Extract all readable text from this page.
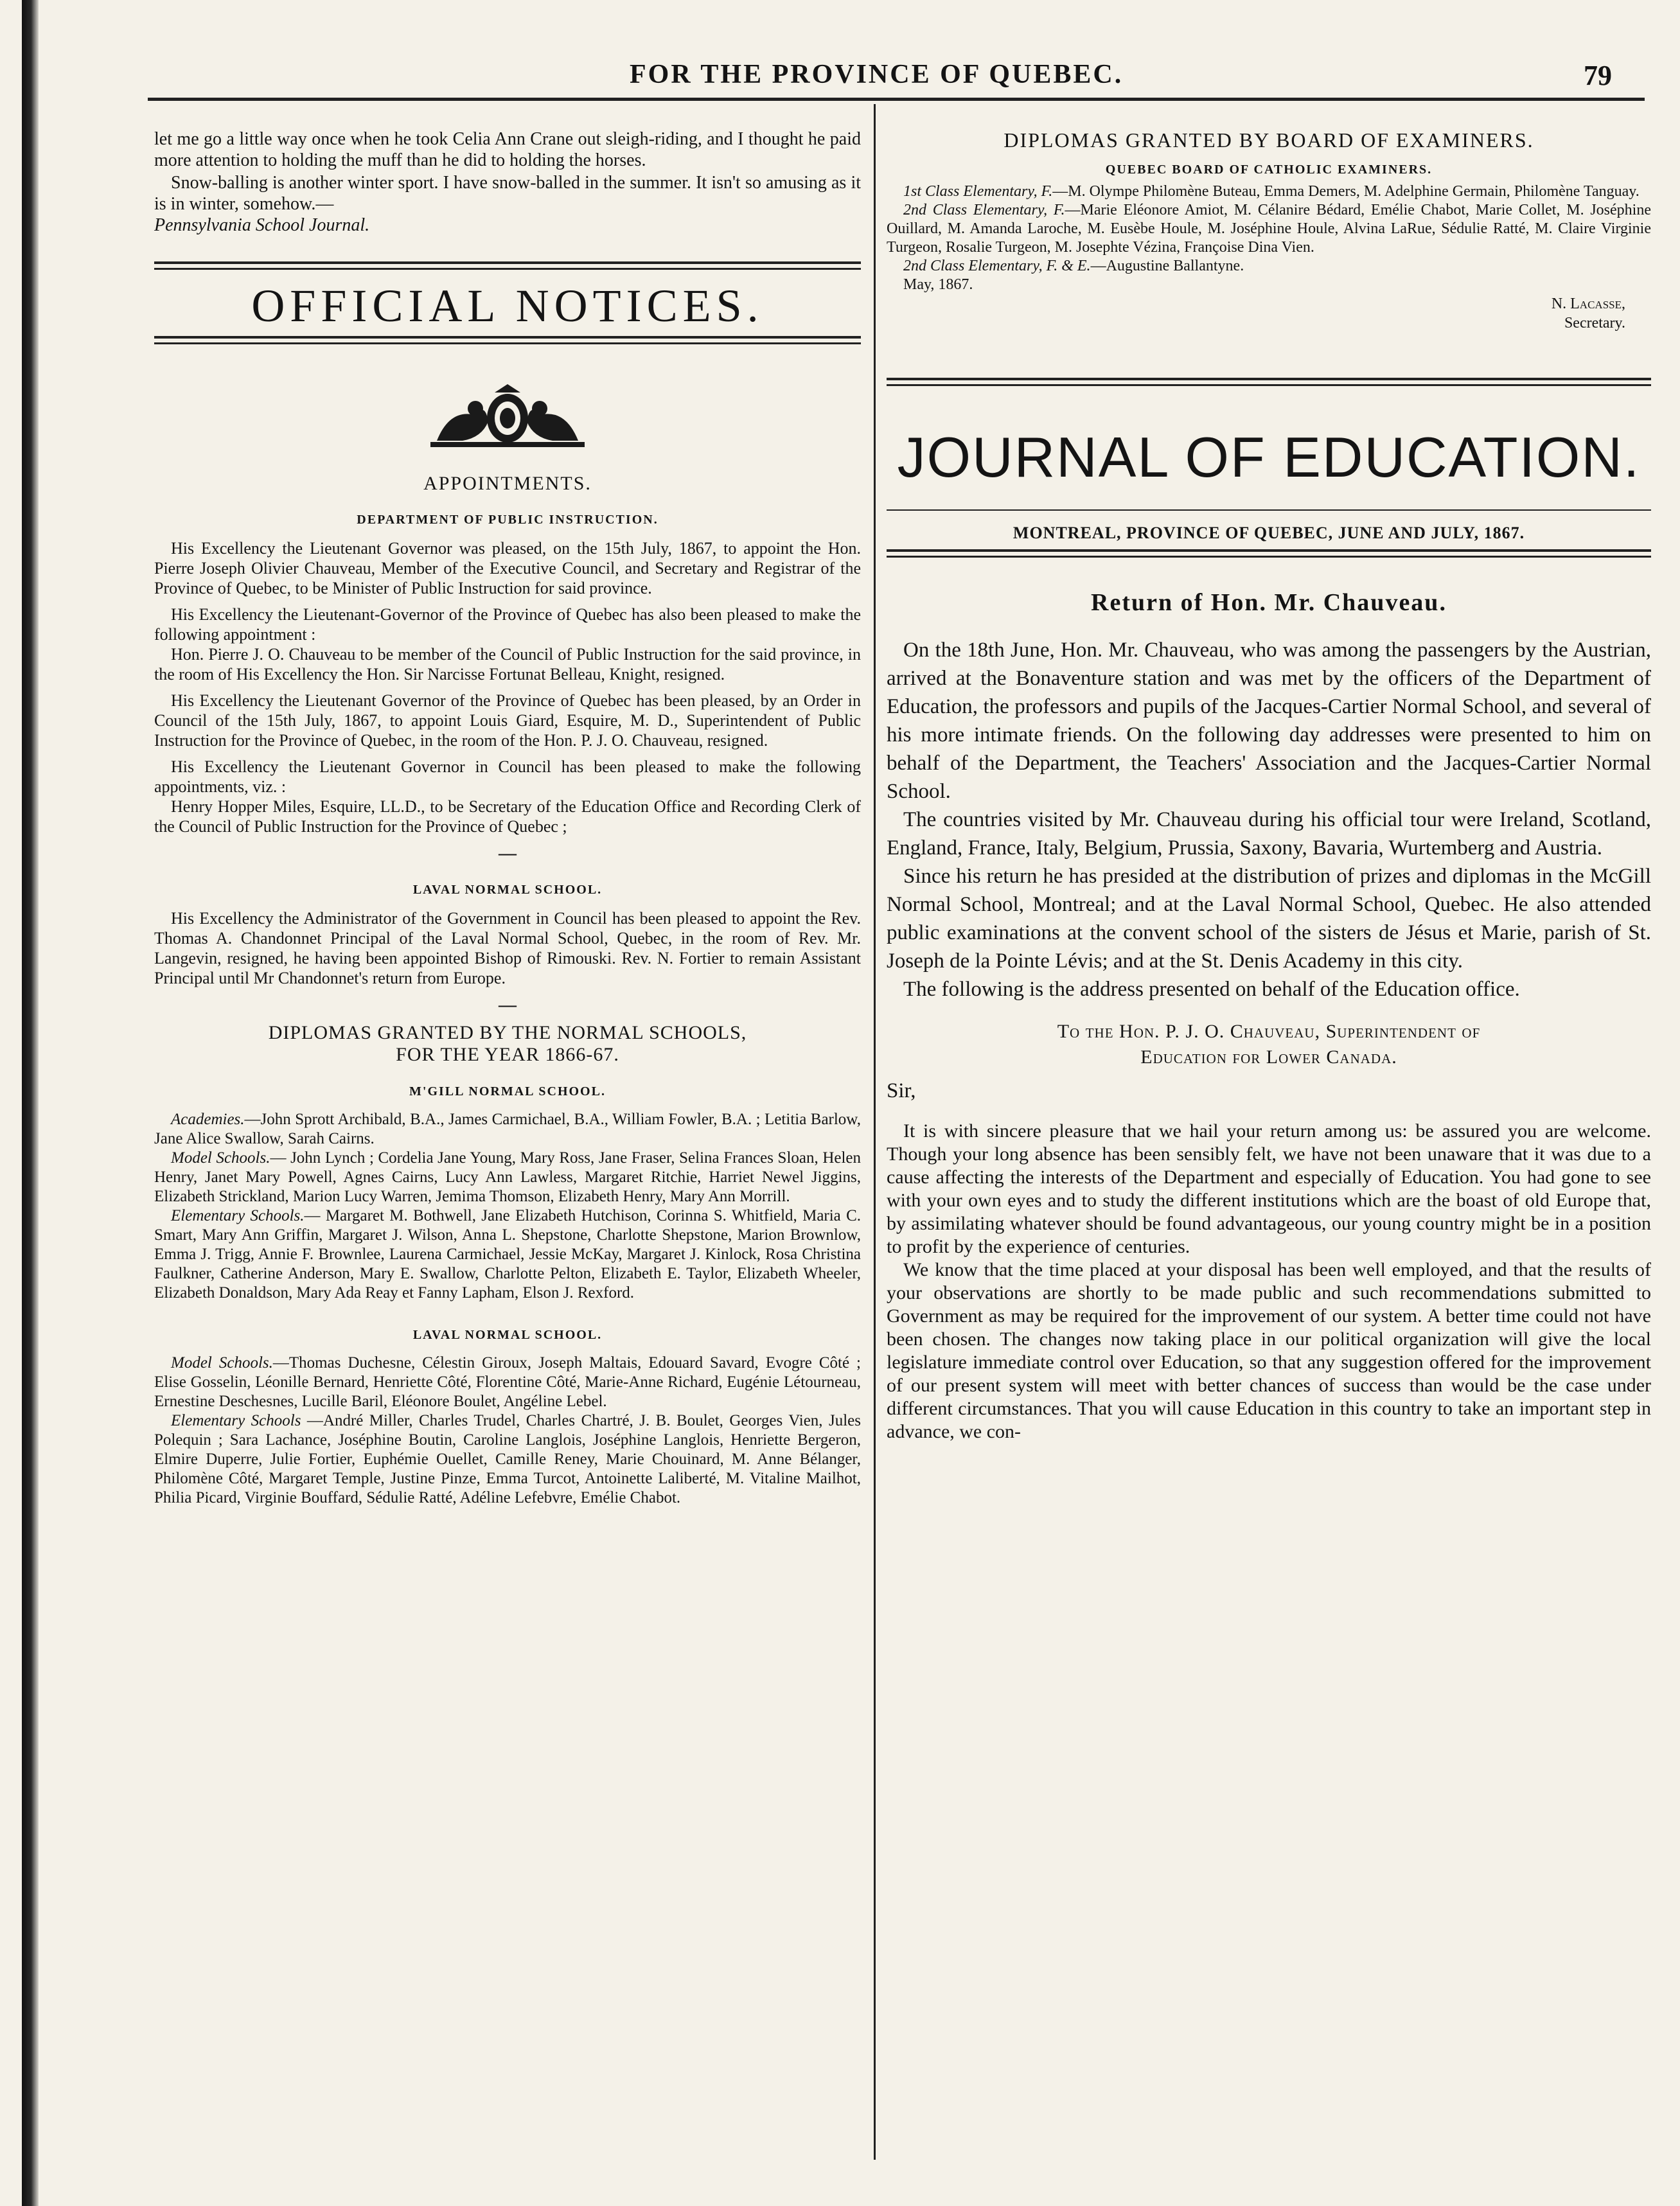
FOR THE PROVINCE OF QUEBEC.	79

let me go a little way once when he took Celia Ann Crane out sleigh-riding, and I thought he paid more attention to holding the muff than he did to holding the horses.

Snow-balling is another winter sport. I have snow-balled in the summer. It isn't so amusing as it is in winter, somehow.—
Pennsylvania School Journal.

OFFICIAL NOTICES.
APPOINTMENTS.
DEPARTMENT OF PUBLIC INSTRUCTION.

His Excellency the Lieutenant Governor was pleased, on the 15th July, 1867, to appoint the Hon. Pierre Joseph Olivier Chauveau, Member of the Executive Council, and Secretary and Registrar of the Province of Quebec, to be Minister of Public Instruction for said province.

His Excellency the Lieutenant-Governor of the Province of Quebec has also been pleased to make the following appointment :

Hon. Pierre J. O. Chauveau to be member of the Council of Public Instruction for the said province, in the room of His Excellency the Hon. Sir Narcisse Fortunat Belleau, Knight, resigned.

His Excellency the Lieutenant Governor of the Province of Quebec has been pleased, by an Order in Council of the 15th July, 1867, to appoint Louis Giard, Esquire, M. D., Superintendent of Public Instruction for the Province of Quebec, in the room of the Hon. P. J. O. Chauveau, resigned.

His Excellency the Lieutenant Governor in Council has been pleased to make the following appointments, viz. :

Henry Hopper Miles, Esquire, LL.D., to be Secretary of the Education Office and Recording Clerk of the Council of Public Instruction for the Province of Quebec ;

—
LAVAL NORMAL SCHOOL.

His Excellency the Administrator of the Government in Council has been pleased to appoint the Rev. Thomas A. Chandonnet Principal of the Laval Normal School, Quebec, in the room of Rev. Mr. Langevin, resigned, he having been appointed Bishop of Rimouski. Rev. N. Fortier to remain Assistant Principal until Mr Chandonnet's return from Europe.

—
DIPLOMAS GRANTED BY THE NORMAL SCHOOLS,
FOR THE YEAR 1866-67.
M'GILL NORMAL SCHOOL.

Academies.—John Sprott Archibald, B.A., James Carmichael, B.A., William Fowler, B.A. ; Letitia Barlow, Jane Alice Swallow, Sarah Cairns.

Model Schools.— John Lynch ; Cordelia Jane Young, Mary Ross, Jane Fraser, Selina Frances Sloan, Helen Henry, Janet Mary Powell, Agnes Cairns, Lucy Ann Lawless, Margaret Ritchie, Harriet Newel Jiggins, Elizabeth Strickland, Marion Lucy Warren, Jemima Thomson, Elizabeth Henry, Mary Ann Morrill.

Elementary Schools.— Margaret M. Bothwell, Jane Elizabeth Hutchison, Corinna S. Whitfield, Maria C. Smart, Mary Ann Griffin, Margaret J. Wilson, Anna L. Shepstone, Charlotte Shepstone, Marion Brownlow, Emma J. Trigg, Annie F. Brownlee, Laurena Carmichael, Jessie McKay, Margaret J. Kinlock, Rosa Christina Faulkner, Catherine Anderson, Mary E. Swallow, Charlotte Pelton, Elizabeth E. Taylor, Elizabeth Wheeler, Elizabeth Donaldson, Mary Ada Reay et Fanny Lapham, Elson J. Rexford.

LAVAL NORMAL SCHOOL.

Model Schools.—Thomas Duchesne, Célestin Giroux, Joseph Maltais, Edouard Savard, Evogre Côté ; Elise Gosselin, Léonille Bernard, Henriette Côté, Florentine Côté, Marie-Anne Richard, Eugénie Létourneau, Ernestine Deschesnes, Lucille Baril, Eléonore Boulet, Angéline Lebel.

Elementary Schools —André Miller, Charles Trudel, Charles Chartré, J. B. Boulet, Georges Vien, Jules Polequin ; Sara Lachance, Joséphine Boutin, Caroline Langlois, Joséphine Langlois, Henriette Bergeron, Elmire Duperre, Julie Fortier, Euphémie Ouellet, Camille Reney, Marie Chouinard, M. Anne Bélanger, Philomène Côté, Margaret Temple, Justine Pinze, Emma Turcot, Antoinette Laliberté, M. Vitaline Mailhot, Philia Picard, Virginie Bouffard, Sédulie Ratté, Adéline Lefebvre, Emélie Chabot.

DIPLOMAS GRANTED BY BOARD OF EXAMINERS.
QUEBEC BOARD OF CATHOLIC EXAMINERS.

1st Class Elementary, F.—M. Olympe Philomène Buteau, Emma Demers, M. Adelphine Germain, Philomène Tanguay.

2nd Class Elementary, F.—Marie Eléonore Amiot, M. Célanire Bédard, Emélie Chabot, Marie Collet, M. Joséphine Ouillard, M. Amanda Laroche, M. Eusèbe Houle, M. Joséphine Houle, Alvina LaRue, Sédulie Ratté, M. Claire Virginie Turgeon, Rosalie Turgeon, M. Josephte Vézina, Françoise Dina Vien.

2nd Class Elementary, F. & E.—Augustine Ballantyne.

May, 1867.

N. Lacasse,
Secretary.
JOURNAL OF EDUCATION.
MONTREAL, PROVINCE OF QUEBEC, JUNE AND JULY, 1867.
Return of Hon. Mr. Chauveau.

On the 18th June, Hon. Mr. Chauveau, who was among the passengers by the Austrian, arrived at the Bonaventure station and was met by the officers of the Department of Education, the professors and pupils of the Jacques-Cartier Normal School, and several of his more intimate friends. On the following day addresses were presented to him on behalf of the Department, the Teachers' Association and the Jacques-Cartier Normal School.

The countries visited by Mr. Chauveau during his official tour were Ireland, Scotland, England, France, Italy, Belgium, Prussia, Saxony, Bavaria, Wurtemberg and Austria.

Since his return he has presided at the distribution of prizes and diplomas in the McGill Normal School, Montreal; and at the Laval Normal School, Quebec. He also attended public examinations at the convent school of the sisters de Jésus et Marie, parish of St. Joseph de la Pointe Lévis; and at the St. Denis Academy in this city.

The following is the address presented on behalf of the Education office.

To the Hon. P. J. O. Chauveau, Superintendent of
Education for Lower Canada.

Sir,

It is with sincere pleasure that we hail your return among us: be assured you are welcome. Though your long absence has been sensibly felt, we have not been unaware that it was due to a cause affecting the interests of the Department and especially of Education. You had gone to see with your own eyes and to study the different institutions which are the boast of old Europe that, by assimilating whatever should be found advantageous, our young country might be in a position to profit by the experience of centuries.

We know that the time placed at your disposal has been well employed, and that the results of your observations are shortly to be made public and such recommendations submitted to Government as may be required for the improvement of our system. A better time could not have been chosen. The changes now taking place in our political organization will give the local legislature immediate control over Education, so that any suggestion offered for the improvement of our present system will meet with better chances of success than would be the case under different circumstances. That you will cause Education in this country to take an important step in advance, we con-
